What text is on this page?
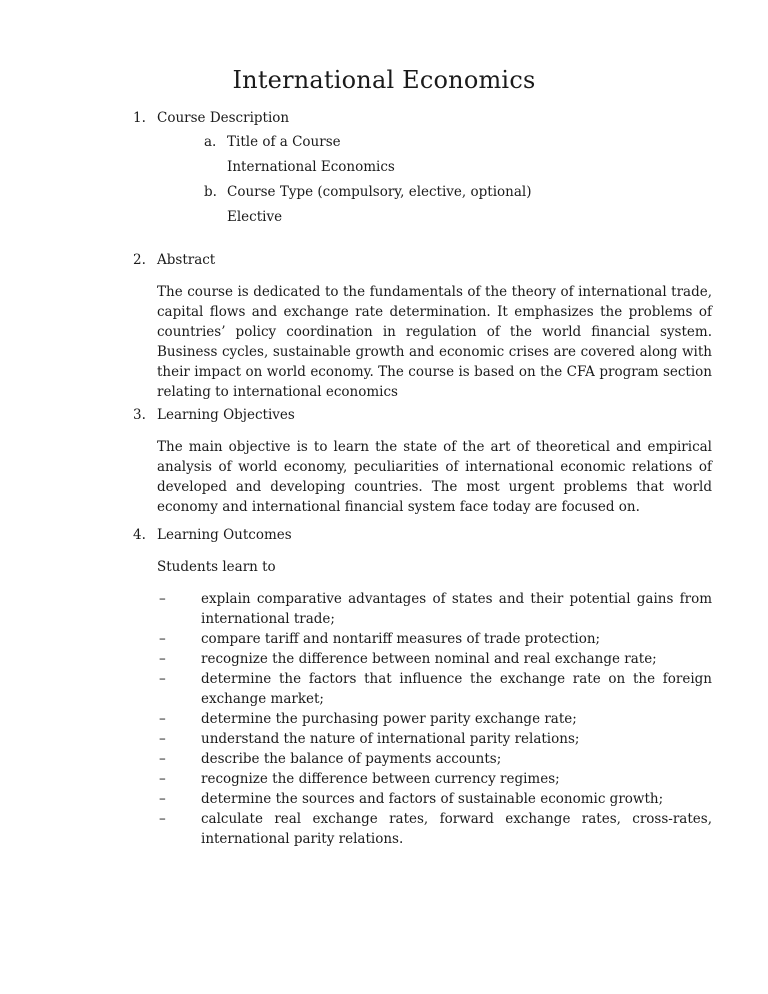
International Economics
1. Course Description
a. Title of a Course
International Economics
b. Course Type (compulsory, elective, optional)
Elective
2. Abstract
The course is dedicated to the fundamentals of the theory of international trade, capital flows and exchange rate determination. It emphasizes the problems of countries’ policy coordination in regulation of the world financial system. Business cycles, sustainable growth and economic crises are covered along with their impact on world economy. The course is based on the CFA program section relating to international economics
3. Learning Objectives
The main objective is to learn the state of the art of theoretical and empirical analysis of world economy, peculiarities of international economic relations of developed and developing countries. The most urgent problems that world economy and international financial system face today are focused on.
4. Learning Outcomes
Students learn to
–	explain comparative advantages of states and their potential gains from international trade;
–	compare tariff and nontariff measures of trade protection;
–	recognize the difference between nominal and real exchange rate;
–	determine the factors that influence the exchange rate on the foreign exchange market;
–	determine the purchasing power parity exchange rate;
–	understand the nature of international parity relations;
–	describe the balance of payments accounts;
–	recognize the difference between currency regimes;
–	determine the sources and factors of sustainable economic growth;
–	calculate real exchange rates, forward exchange rates, cross-rates, international parity relations.
